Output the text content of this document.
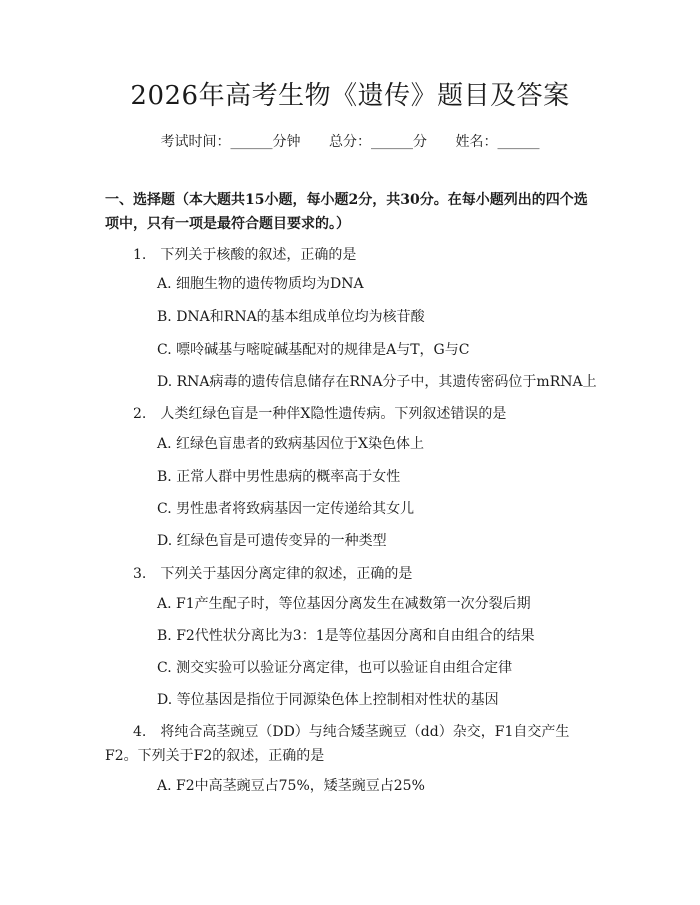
2026年高考生物《遗传》题目及答案
考试时间：______分钟 总分：______分 姓名：______
一、选择题（本大题共15小题，每小题2分，共30分。在每小题列出的四个选项中，只有一项是最符合题目要求的。）
1.　下列关于核酸的叙述，正确的是
A. 细胞生物的遗传物质均为DNA
B. DNA和RNA的基本组成单位均为核苷酸
C. 嘌呤碱基与嘧啶碱基配对的规律是A与T，G与C
D. RNA病毒的遗传信息储存在RNA分子中，其遗传密码位于mRNA上
2.　人类红绿色盲是一种伴X隐性遗传病。下列叙述错误的是
A. 红绿色盲患者的致病基因位于X染色体上
B. 正常人群中男性患病的概率高于女性
C. 男性患者将致病基因一定传递给其女儿
D. 红绿色盲是可遗传变异的一种类型
3.　下列关于基因分离定律的叙述，正确的是
A. F1产生配子时，等位基因分离发生在减数第一次分裂后期
B. F2代性状分离比为3：1是等位基因分离和自由组合的结果
C. 测交实验可以验证分离定律，也可以验证自由组合定律
D. 等位基因是指位于同源染色体上控制相对性状的基因
4.　将纯合高茎豌豆（DD）与纯合矮茎豌豆（dd）杂交，F1自交产生F2。下列关于F2的叙述，正确的是
A. F2中高茎豌豆占75%，矮茎豌豆占25%
